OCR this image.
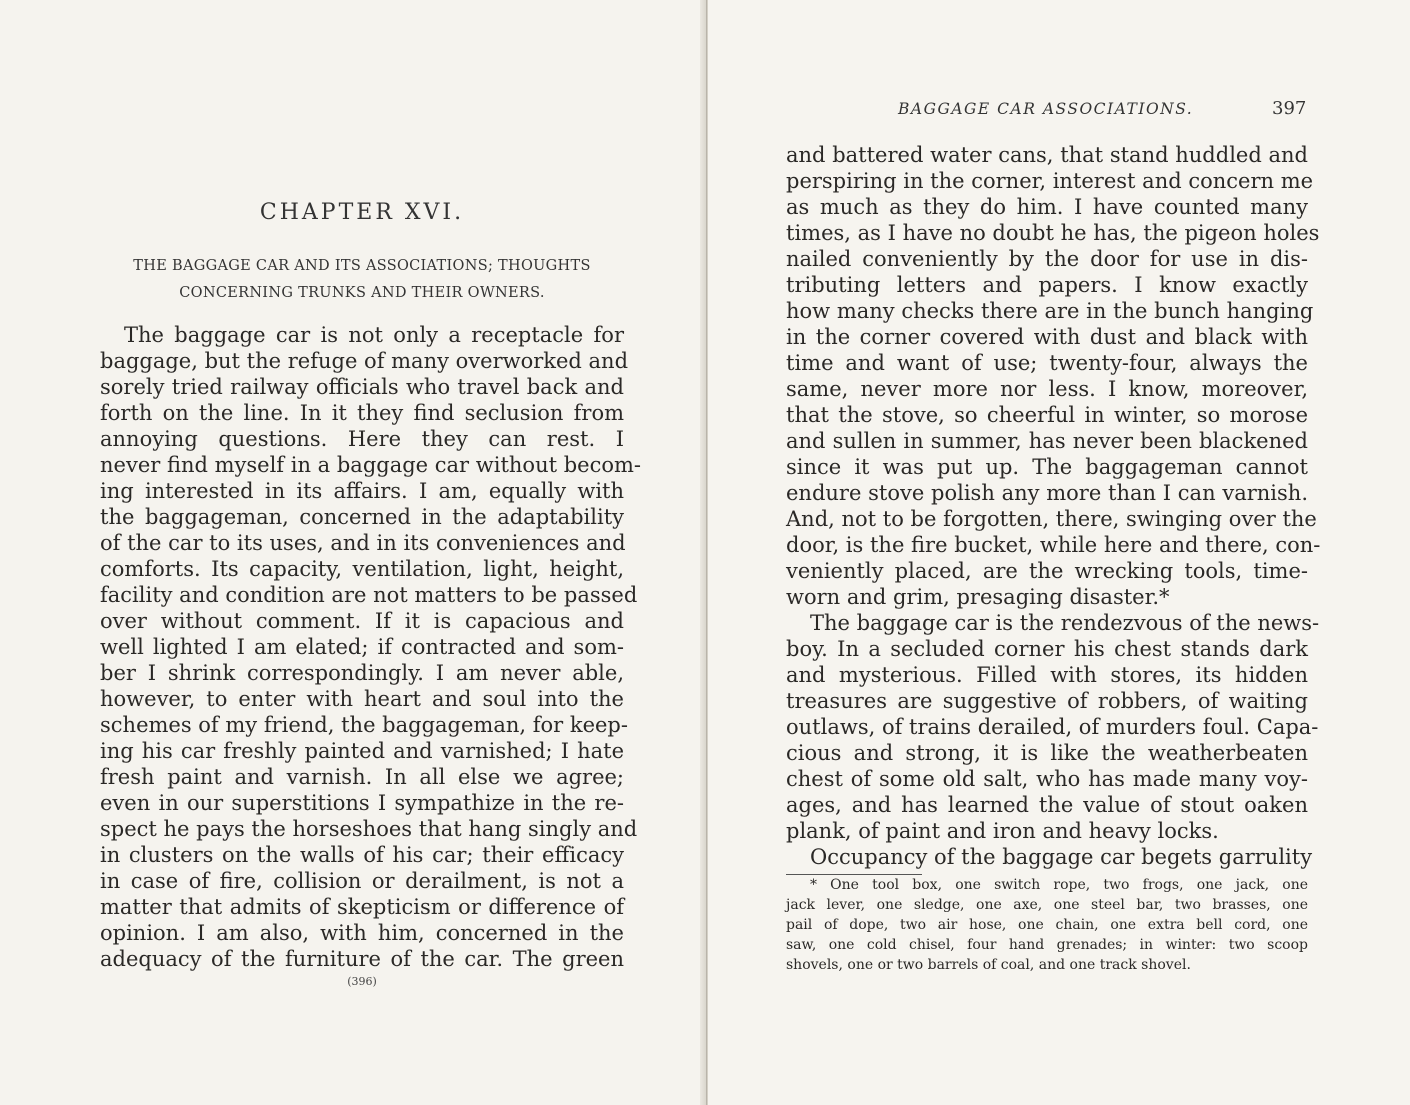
CHAPTER XVI.
THE BAGGAGE CAR AND ITS ASSOCIATIONS; THOUGHTS
CONCERNING TRUNKS AND THEIR OWNERS.
The baggage car is not only a receptacle for
baggage, but the refuge of many overworked and
sorely tried railway officials who travel back and
forth on the line. In it they find seclusion from
annoying questions. Here they can rest. I
never find myself in a baggage car without becom-
ing interested in its affairs. I am, equally with
the baggageman, concerned in the adaptability
of the car to its uses, and in its conveniences and
comforts. Its capacity, ventilation, light, height,
facility and condition are not matters to be passed
over without comment. If it is capacious and
well lighted I am elated; if contracted and som-
ber I shrink correspondingly. I am never able,
however, to enter with heart and soul into the
schemes of my friend, the baggageman, for keep-
ing his car freshly painted and varnished; I hate
fresh paint and varnish. In all else we agree;
even in our superstitions I sympathize in the re-
spect he pays the horseshoes that hang singly and
in clusters on the walls of his car; their efficacy
in case of fire, collision or derailment, is not a
matter that admits of skepticism or difference of
opinion. I am also, with him, concerned in the
adequacy of the furniture of the car. The green
(396)
BAGGAGE CAR ASSOCIATIONS.	397
and battered water cans, that stand huddled and
perspiring in the corner, interest and concern me
as much as they do him. I have counted many
times, as I have no doubt he has, the pigeon holes
nailed conveniently by the door for use in dis-
tributing letters and papers. I know exactly
how many checks there are in the bunch hanging
in the corner covered with dust and black with
time and want of use; twenty-four, always the
same, never more nor less. I know, moreover,
that the stove, so cheerful in winter, so morose
and sullen in summer, has never been blackened
since it was put up. The baggageman cannot
endure stove polish any more than I can varnish.
And, not to be forgotten, there, swinging over the
door, is the fire bucket, while here and there, con-
veniently placed, are the wrecking tools, time-
worn and grim, presaging disaster.*
The baggage car is the rendezvous of the news-
boy. In a secluded corner his chest stands dark
and mysterious. Filled with stores, its hidden
treasures are suggestive of robbers, of waiting
outlaws, of trains derailed, of murders foul. Capa-
cious and strong, it is like the weatherbeaten
chest of some old salt, who has made many voy-
ages, and has learned the value of stout oaken
plank, of paint and iron and heavy locks.
Occupancy of the baggage car begets garrulity
* One tool box, one switch rope, two frogs, one jack, one
jack lever, one sledge, one axe, one steel bar, two brasses, one
pail of dope, two air hose, one chain, one extra bell cord, one
saw, one cold chisel, four hand grenades; in winter: two scoop
shovels, one or two barrels of coal, and one track shovel.
